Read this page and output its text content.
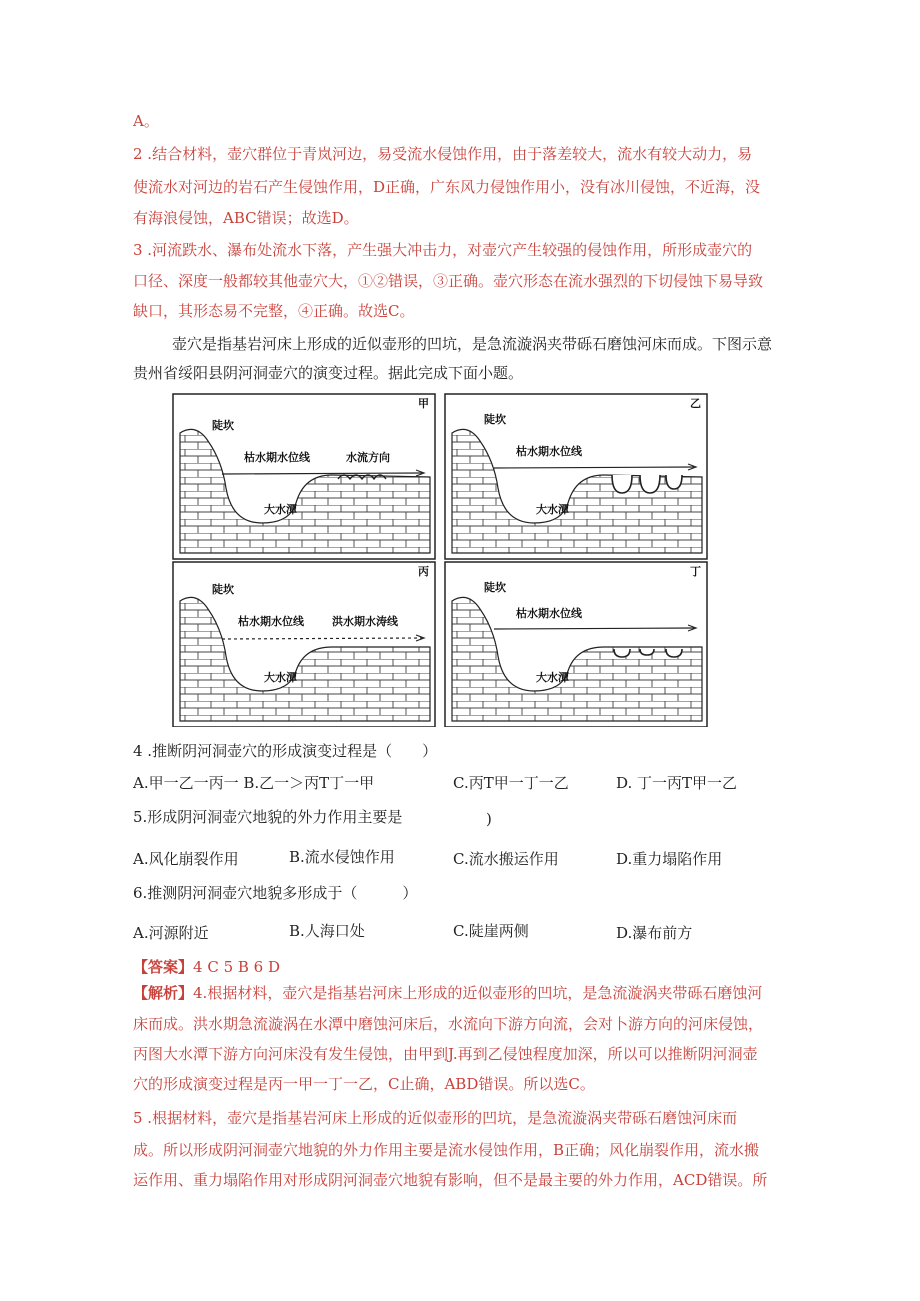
A。
2 .结合材料，壶穴群位于青岚河边，易受流水侵蚀作用，由于落差较大，流水有较大动力，易
使流水对河边的岩石产生侵蚀作用，D正确，广东风力侵蚀作用小，没有冰川侵蚀，不近海，没
有海浪侵蚀，ABC错误；故选D。
3 .河流跌水、瀑布处流水下落，产生强大冲击力，对壶穴产生较强的侵蚀作用，所形成壶穴的
口径、深度一般都较其他壶穴大，①②错误，③正确。壶穴形态在流水强烈的下切侵蚀下易导致
缺口，其形态易不完整，④正确。故选C。
壶穴是指基岩河床上形成的近似壶形的凹坑，是急流漩涡夹带砾石磨蚀河床而成。下图示意
贵州省绥阳县阴河洞壶穴的演变过程。据此完成下面小题。
陡坎
枯水期水位线	水流方向
大水潭
甲
陡坎
枯水期水位线
大水潭
乙
陡坎
枯水期水位线	洪水期水涛线
大水潭
丙
陡坎
枯水期水位线
大水潭
丁
4 .推断阴河洞壶穴的形成演变过程是（　　）
A.甲一乙一丙一 B.乙一＞丙T丁一甲	C.丙T甲一丁一乙	D. 丁一丙T甲一乙
5.形成阴河洞壶穴地貌的外力作用主要是	)
A.风化崩裂作用	B.流水侵蚀作用	C.流水搬运作用	D.重力塌陷作用
6.推测阴河洞壶穴地貌多形成于（　　　）
A.河源附近	B.人海口处	C.陡崖两侧	D.瀑布前方
【答案】4 C 5 B 6 D
【解析】4.根据材料，壶穴是指基岩河床上形成的近似壶形的凹坑，是急流漩涡夹带砾石磨蚀河
床而成。洪水期急流漩涡在水潭中磨蚀河床后，水流向下游方向流，会对卜游方向的河床侵蚀，
丙图大水潭下游方向河床没有发生侵蚀，由甲到J.再到乙侵蚀程度加深，所以可以推断阴河洞壶
穴的形成演变过程是丙一甲一丁一乙，C止确，ABD错误。所以选C。
5 .根据材料，壶穴是指基岩河床上形成的近似壶形的凹坑，是急流漩涡夹带砾石磨蚀河床而
成。所以形成阴河洞壶穴地貌的外力作用主要是流水侵蚀作用，B正确；风化崩裂作用，流水搬
运作用、重力塌陷作用对形成阴河洞壶穴地貌有影响，但不是最主要的外力作用，ACD错误。所
